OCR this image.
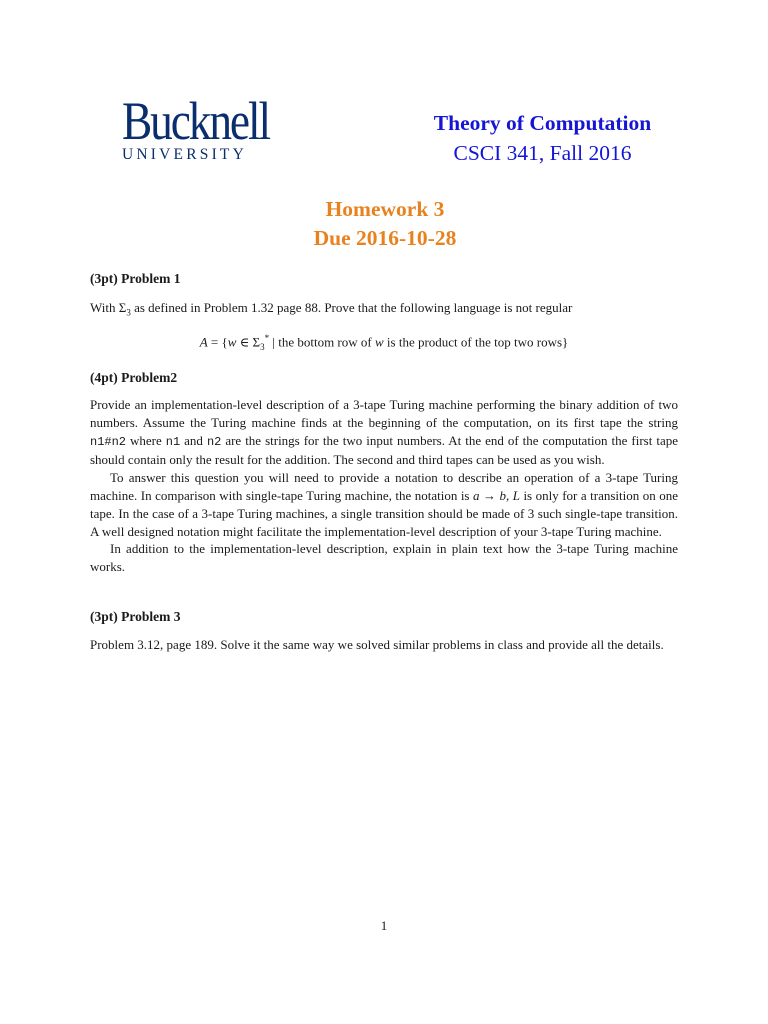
Bucknell
UNIVERSITY
Theory of Computation
CSCI 341, Fall 2016
Homework 3
Due 2016-10-28
(3pt) Problem 1

With $\Sigma_3$ as defined in Problem 1.32 page 88. Prove that the following language is not regular

A = {w ∈ $\Sigma_3^*$ | the bottom row of w is the product of the top two rows}
(4pt) Problem2

Provide an implementation-level description of a 3-tape Turing machine performing the binary addition of two numbers. Assume the Turing machine finds at the beginning of the computation, on its first tape the string n1#n2 where n1 and n2 are the strings for the two input numbers. At the end of the computation the first tape should contain only the result for the addition. The second and third tapes can be used as you wish.

To answer this question you will need to provide a notation to describe an operation of a 3-tape Turing machine. In comparison with single-tape Turing machine, the notation is a → b, L is only for a transition on one tape. In the case of a 3-tape Turing machines, a single transition should be made of 3 such single-tape transition. A well designed notation might facilitate the implementation-level description of your 3-tape Turing machine.

In addition to the implementation-level description, explain in plain text how the 3-tape Turing machine works.

(3pt) Problem 3
Problem 3.12, page 189. Solve it the same way we solved similar problems in class and provide all the details.
1
